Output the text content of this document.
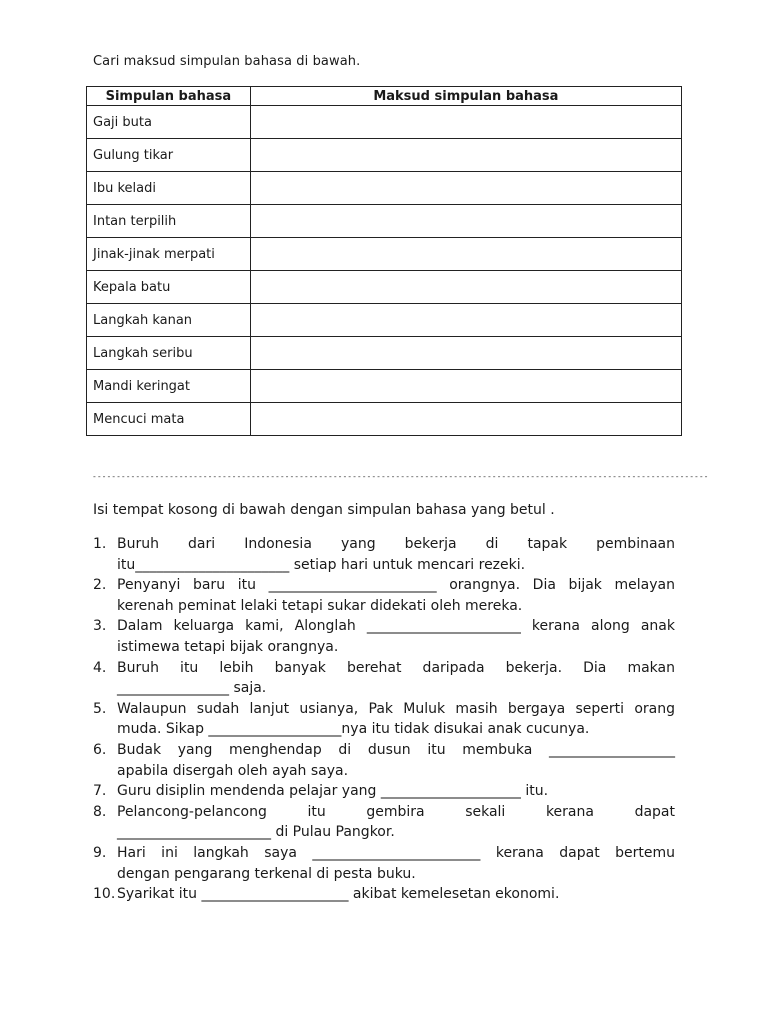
Cari maksud simpulan bahasa di bawah.
Simpulan bahasa	Maksud simpulan bahasa
Gaji buta	
Gulung tikar	
Ibu keladi	
Intan terpilih	
Jinak-jinak merpati	
Kepala batu	
Langkah kanan	
Langkah seribu	
Mandi keringat	
Mencuci mata	
--------------------------------------------------------------------------------------------------------------------------------
Isi tempat kosong di bawah dengan simpulan bahasa yang betul .
1. Buruh dari Indonesia yang bekerja di tapak pembinaan
itu______________________ setiap hari untuk mencari rezeki.
2. Penyanyi baru itu ________________________ orangnya. Dia bijak melayan
kerenah peminat lelaki tetapi sukar didekati oleh mereka.
3. Dalam keluarga kami, Alonglah ______________________ kerana along anak
istimewa tetapi bijak orangnya.
4. Buruh itu lebih banyak berehat daripada bekerja. Dia makan
________________ saja.
5. Walaupun sudah lanjut usianya, Pak Muluk masih bergaya seperti orang
muda. Sikap ___________________nya itu tidak disukai anak cucunya.
6. Budak yang menghendap di dusun itu membuka __________________
apabila disergah oleh ayah saya.
7. Guru disiplin mendenda pelajar yang ____________________ itu.
8. Pelancong-pelancong itu gembira sekali kerana dapat
______________________ di Pulau Pangkor.
9. Hari ini langkah saya ________________________ kerana dapat bertemu
dengan pengarang terkenal di pesta buku.
10. Syarikat itu _____________________ akibat kemelesetan ekonomi.
